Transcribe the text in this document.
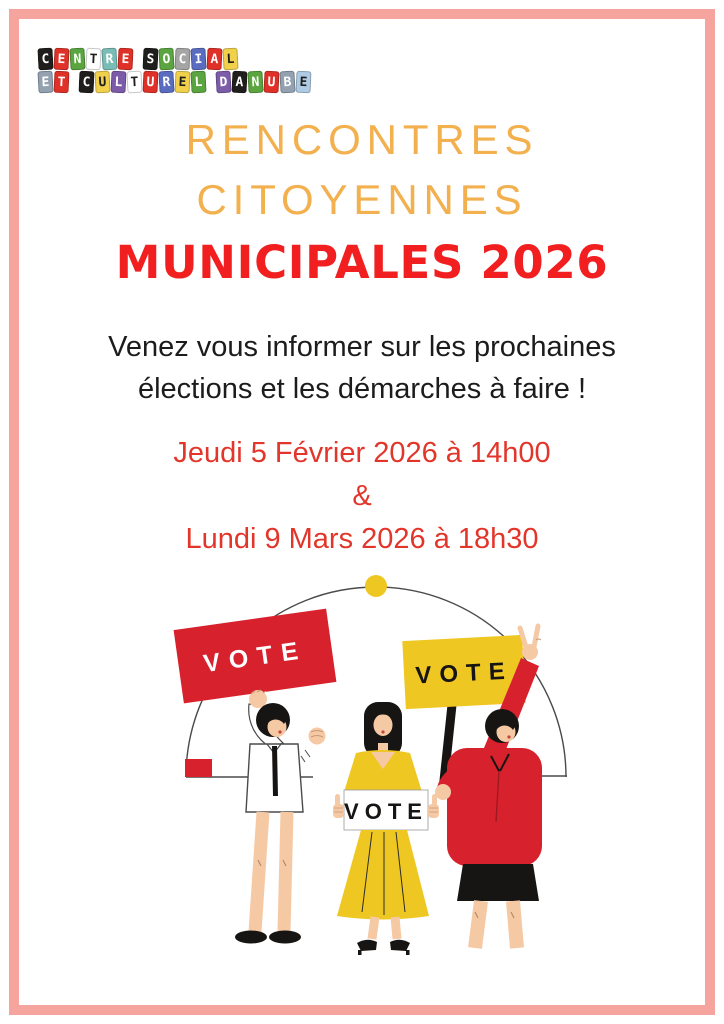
C E N T R E S O C I A L
E T C U L T U R E L D A N U B E
RENCONTRES
CITOYENNES
MUNICIPALES 2026
Venez vous informer sur les prochaines
élections et les démarches à faire !
Jeudi 5 Février 2026 à 14h00
&
Lundi 9 Mars 2026 à 18h30
VOTE
VOTE
VOTE
